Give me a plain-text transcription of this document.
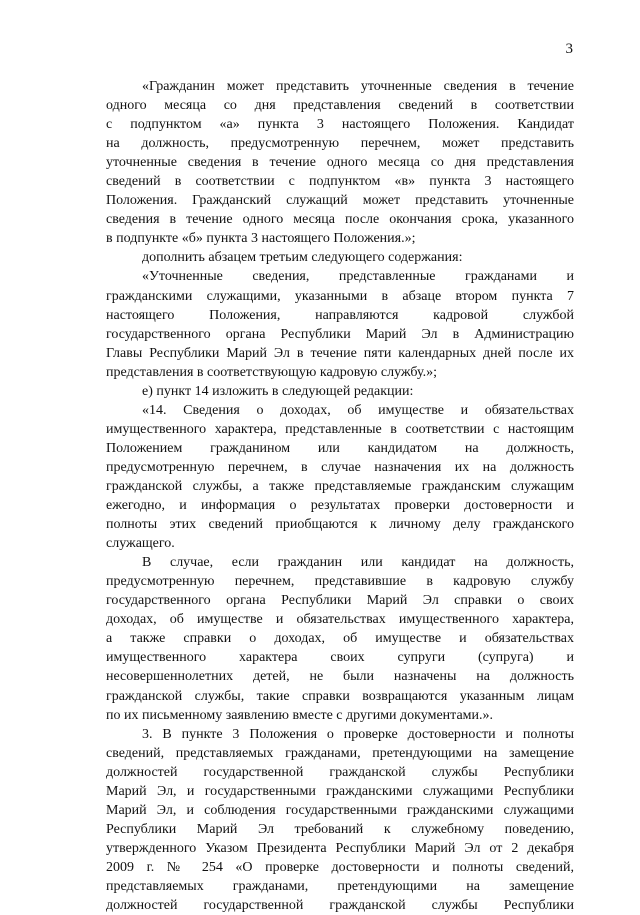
3
«Гражданин может представить уточненные сведения в течение
одного месяца со дня представления сведений в соответствии
с подпунктом «а» пункта 3 настоящего Положения. Кандидат
на должность, предусмотренную перечнем, может представить
уточненные сведения в течение одного месяца со дня представления
сведений в соответствии с подпунктом «в» пункта 3 настоящего
Положения. Гражданский служащий может представить уточненные
сведения в течение одного месяца после окончания срока, указанного
в подпункте «б» пункта 3 настоящего Положения.»;
дополнить абзацем третьим следующего содержания:
«Уточненные сведения, представленные гражданами и
гражданскими служащими, указанными в абзаце втором пункта 7
настоящего Положения, направляются кадровой службой
государственного органа Республики Марий Эл в Администрацию
Главы Республики Марий Эл в течение пяти календарных дней после их
представления в соответствующую кадровую службу.»;
е) пункт 14 изложить в следующей редакции:
«14. Сведения о доходах, об имуществе и обязательствах
имущественного характера, представленные в соответствии с настоящим
Положением гражданином или кандидатом на должность,
предусмотренную перечнем, в случае назначения их на должность
гражданской службы, а также представляемые гражданским служащим
ежегодно, и информация о результатах проверки достоверности и
полноты этих сведений приобщаются к личному делу гражданского
служащего.
В случае, если гражданин или кандидат на должность,
предусмотренную перечнем, представившие в кадровую службу
государственного органа Республики Марий Эл справки о своих
доходах, об имуществе и обязательствах имущественного характера,
а также справки о доходах, об имуществе и обязательствах
имущественного характера своих супруги (супруга) и
несовершеннолетних детей, не были назначены на должность
гражданской службы, такие справки возвращаются указанным лицам
по их письменному заявлению вместе с другими документами.».
3. В пункте 3 Положения о проверке достоверности и полноты
сведений, представляемых гражданами, претендующими на замещение
должностей государственной гражданской службы Республики
Марий Эл, и государственными гражданскими служащими Республики
Марий Эл, и соблюдения государственными гражданскими служащими
Республики Марий Эл требований к служебному поведению,
утвержденного Указом Президента Республики Марий Эл от 2 декабря
2009 г. № 254 «О проверке достоверности и полноты сведений,
представляемых гражданами, претендующими на замещение
должностей государственной гражданской службы Республики
